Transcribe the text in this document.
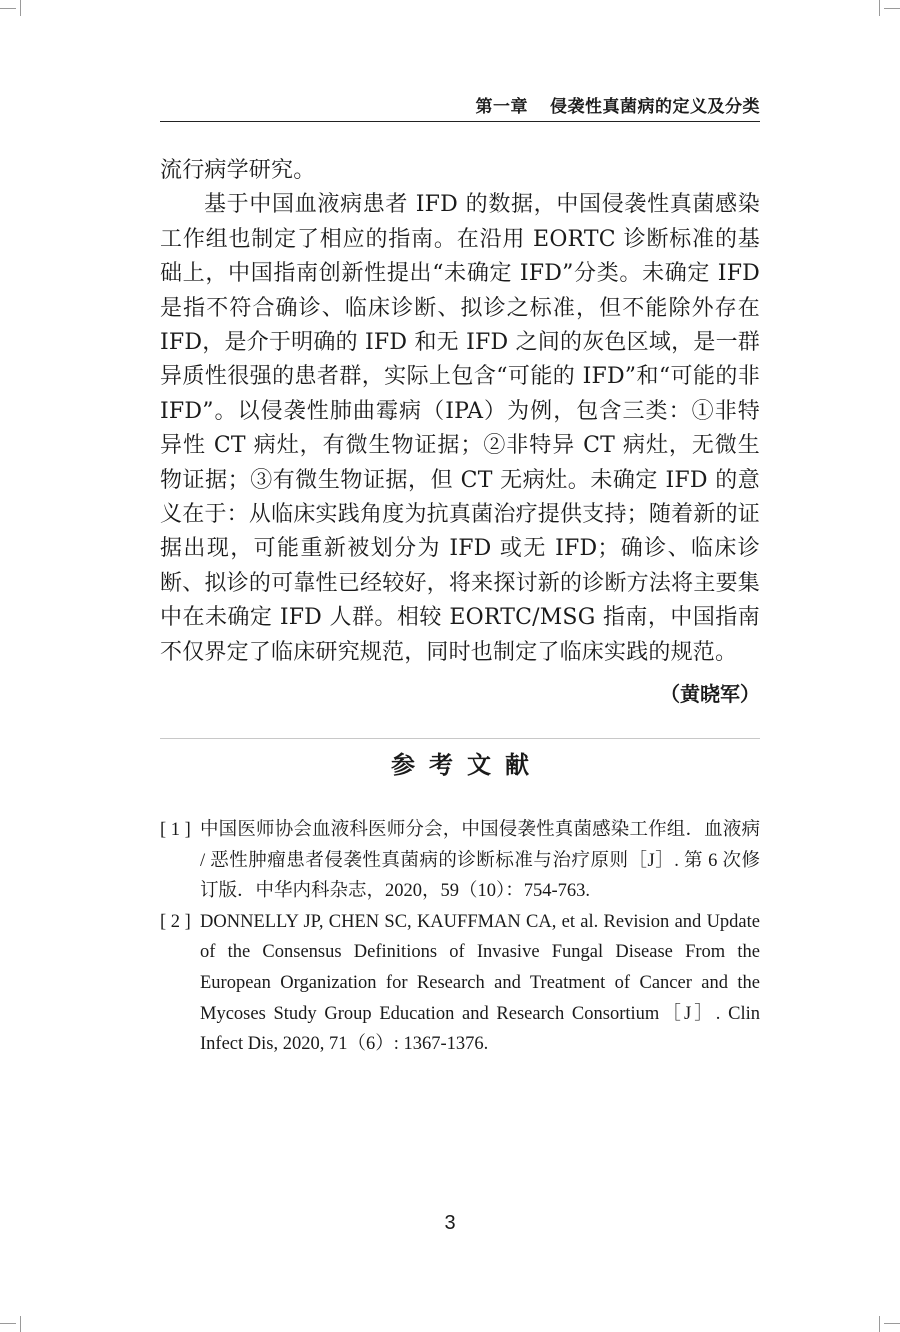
第一章 侵袭性真菌病的定义及分类

流行病学研究。

基于中国血液病患者 IFD 的数据，中国侵袭性真菌感染工作组也制定了相应的指南。在沿用 EORTC 诊断标准的基础上，中国指南创新性提出“未确定 IFD”分类。未确定 IFD 是指不符合确诊、临床诊断、拟诊之标准，但不能除外存在 IFD，是介于明确的 IFD 和无 IFD 之间的灰色区域，是一群异质性很强的患者群，实际上包含“可能的 IFD”和“可能的非 IFD”。以侵袭性肺曲霉病（IPA）为例，包含三类：①非特异性 CT 病灶，有微生物证据；②非特异 CT 病灶，无微生物证据；③有微生物证据，但 CT 无病灶。未确定 IFD 的意义在于：从临床实践角度为抗真菌治疗提供支持；随着新的证据出现，可能重新被划分为 IFD 或无 IFD；确诊、临床诊断、拟诊的可靠性已经较好，将来探讨新的诊断方法将主要集中在未确定 IFD 人群。相较 EORTC/MSG 指南，中国指南不仅界定了临床研究规范，同时也制定了临床实践的规范。

（黄晓军）
参考文献
[ 1 ] 中国医师协会血液科医师分会，中国侵袭性真菌感染工作组．血液病 / 恶性肿瘤患者侵袭性真菌病的诊断标准与治疗原则［J］. 第 6 次修订版．中华内科杂志，2020，59（10）：754-763.
[ 2 ] DONNELLY JP, CHEN SC, KAUFFMAN CA, et al. Revision and Update of the Consensus Definitions of Invasive Fungal Disease From the European Organization for Research and Treatment of Cancer and the Mycoses Study Group Education and Research Consortium［J］. Clin Infect Dis, 2020, 71（6）: 1367-1376.
3
